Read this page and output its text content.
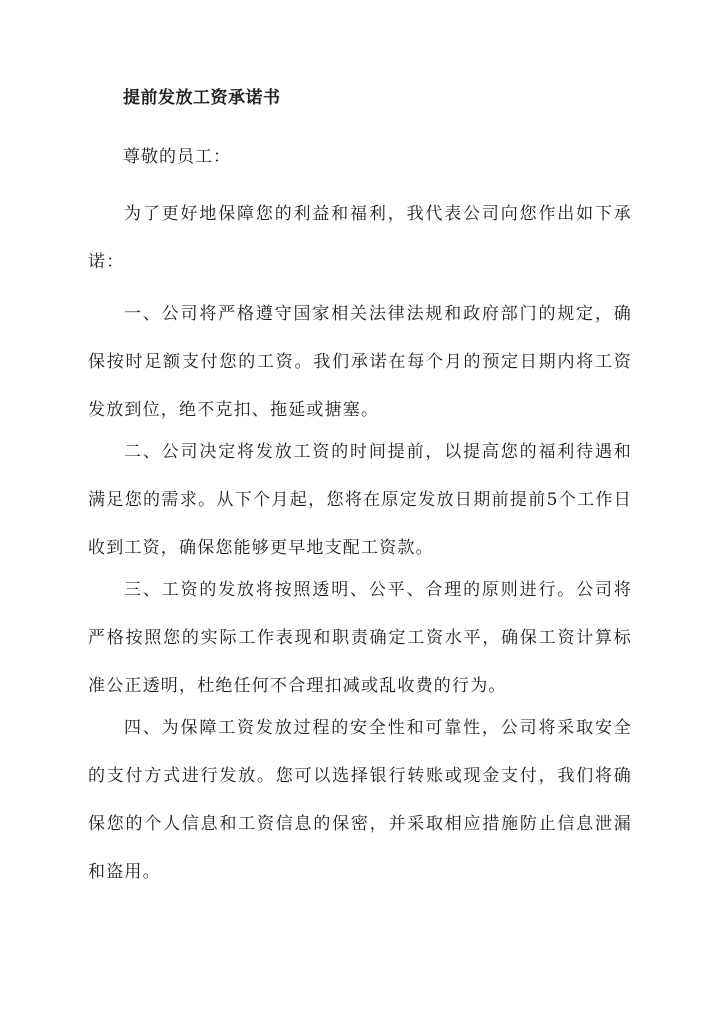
提前发放工资承诺书
尊敬的员工：

为了更好地保障您的利益和福利，我代表公司向您作出如下承诺：

一、公司将严格遵守国家相关法律法规和政府部门的规定，确保按时足额支付您的工资。我们承诺在每个月的预定日期内将工资发放到位，绝不克扣、拖延或搪塞。

二、公司决定将发放工资的时间提前，以提高您的福利待遇和满足您的需求。从下个月起，您将在原定发放日期前提前5个工作日收到工资，确保您能够更早地支配工资款。

三、工资的发放将按照透明、公平、合理的原则进行。公司将严格按照您的实际工作表现和职责确定工资水平，确保工资计算标准公正透明，杜绝任何不合理扣减或乱收费的行为。

四、为保障工资发放过程的安全性和可靠性，公司将采取安全的支付方式进行发放。您可以选择银行转账或现金支付，我们将确保您的个人信息和工资信息的保密，并采取相应措施防止信息泄漏和盗用。
